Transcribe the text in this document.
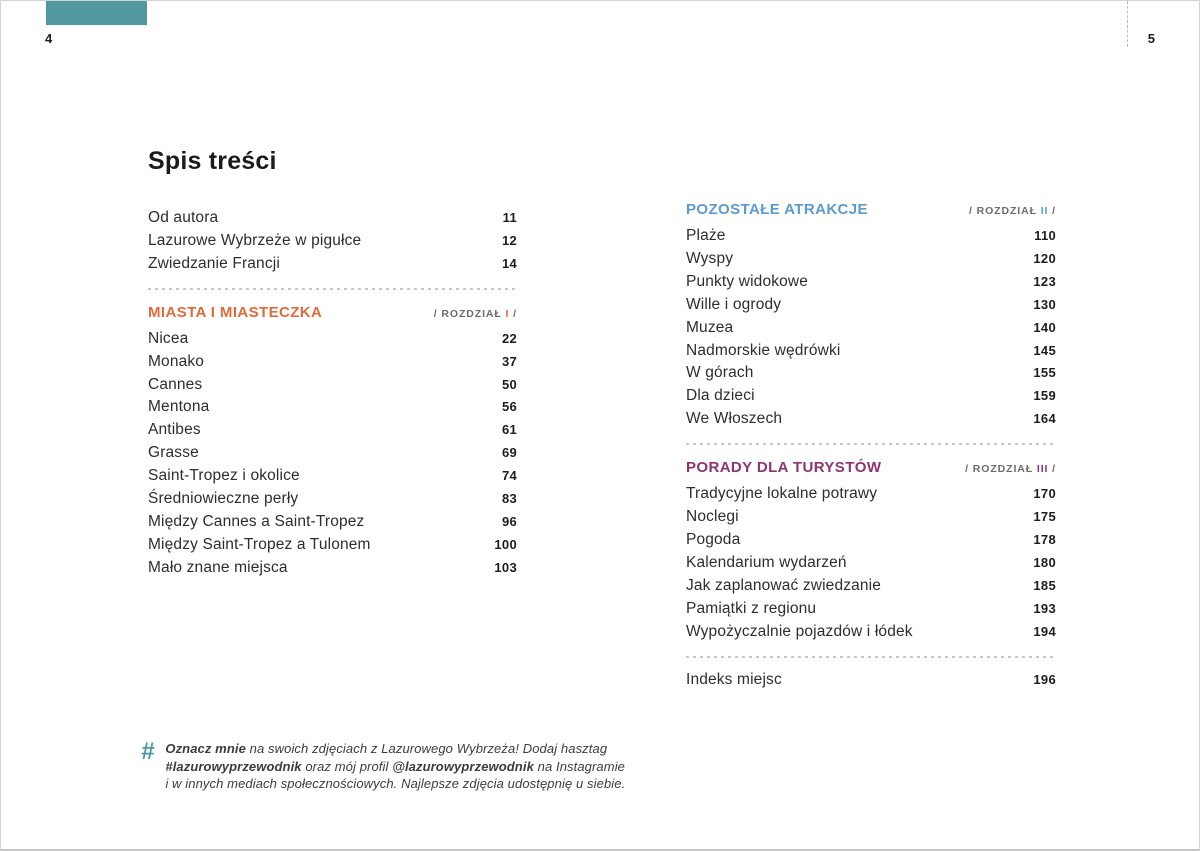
4	5
Spis treści
Od autora	11
Lazurowe Wybrzeże w pigułce	12
Zwiedzanie Francji	14
MIASTA I MIASTECZKA	/ ROZDZIAŁ I /
Nicea	22
Monako	37
Cannes	50
Mentona	56
Antibes	61
Grasse	69
Saint-Tropez i okolice	74
Średniowieczne perły	83
Między Cannes a Saint-Tropez	96
Między Saint-Tropez a Tulonem	100
Mało znane miejsca	103
POZOSTAŁE ATRAKCJE	/ ROZDZIAŁ II /
Plaże	110
Wyspy	120
Punkty widokowe	123
Wille i ogrody	130
Muzea	140
Nadmorskie wędrówki	145
W górach	155
Dla dzieci	159
We Włoszech	164
PORADY DLA TURYSTÓW	/ ROZDZIAŁ III /
Tradycyjne lokalne potrawy	170
Noclegi	175
Pogoda	178
Kalendarium wydarzeń	180
Jak zaplanować zwiedzanie	185
Pamiątki z regionu	193
Wypożyczalnie pojazdów i łódek	194
Indeks miejsc	196
# Oznacz mnie na swoich zdjęciach z Lazurowego Wybrzeża! Dodaj hasztag
#lazurowyprzewodnik oraz mój profil @lazurowyprzewodnik na Instagramie
i w innych mediach społecznościowych. Najlepsze zdjęcia udostępnię u siebie.
